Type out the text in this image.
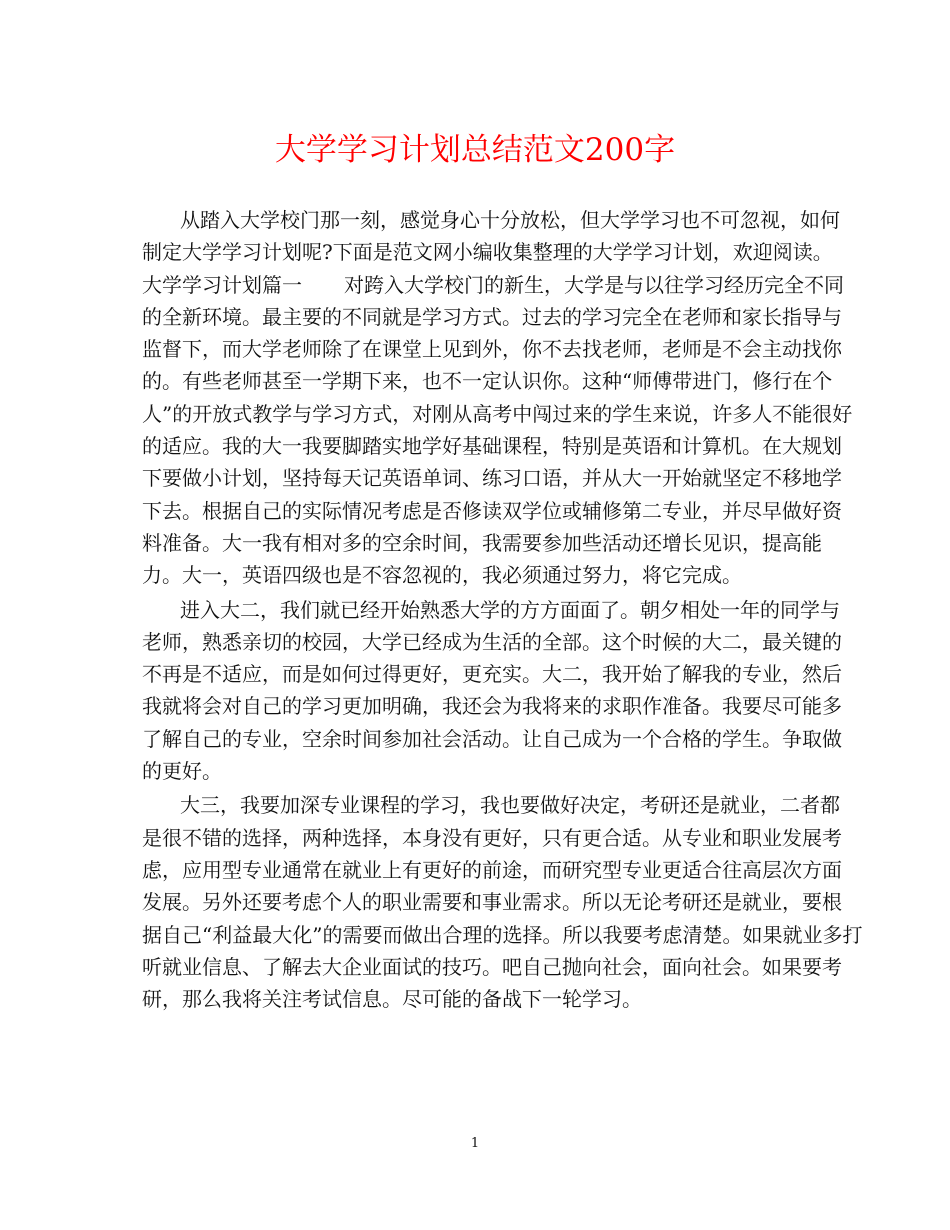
大学学习计划总结范文200字
从踏入大学校门那一刻，感觉身心十分放松，但大学学习也不可忽视，如何
制定大学学习计划呢?下面是范文网小编收集整理的大学学习计划，欢迎阅读。
大学学习计划篇一 对跨入大学校门的新生，大学是与以往学习经历完全不同
的全新环境。最主要的不同就是学习方式。过去的学习完全在老师和家长指导与
监督下，而大学老师除了在课堂上见到外，你不去找老师，老师是不会主动找你
的。有些老师甚至一学期下来，也不一定认识你。这种“师傅带进门，修行在个
人”的开放式教学与学习方式，对刚从高考中闯过来的学生来说，许多人不能很好
的适应。我的大一我要脚踏实地学好基础课程，特别是英语和计算机。在大规划
下要做小计划，坚持每天记英语单词、练习口语，并从大一开始就坚定不移地学
下去。根据自己的实际情况考虑是否修读双学位或辅修第二专业，并尽早做好资
料准备。大一我有相对多的空余时间，我需要参加些活动还增长见识，提高能
力。大一，英语四级也是不容忽视的，我必须通过努力，将它完成。
进入大二，我们就已经开始熟悉大学的方方面面了。朝夕相处一年的同学与
老师，熟悉亲切的校园，大学已经成为生活的全部。这个时候的大二，最关键的
不再是不适应，而是如何过得更好，更充实。大二，我开始了解我的专业，然后
我就将会对自己的学习更加明确，我还会为我将来的求职作准备。我要尽可能多
了解自己的专业，空余时间参加社会活动。让自己成为一个合格的学生。争取做
的更好。
大三，我要加深专业课程的学习，我也要做好决定，考研还是就业，二者都
是很不错的选择，两种选择，本身没有更好，只有更合适。从专业和职业发展考
虑，应用型专业通常在就业上有更好的前途，而研究型专业更适合往高层次方面
发展。另外还要考虑个人的职业需要和事业需求。所以无论考研还是就业，要根
据自己“利益最大化”的需要而做出合理的选择。所以我要考虑清楚。如果就业多打
听就业信息、了解去大企业面试的技巧。吧自己抛向社会，面向社会。如果要考
研，那么我将关注考试信息。尽可能的备战下一轮学习。
1
